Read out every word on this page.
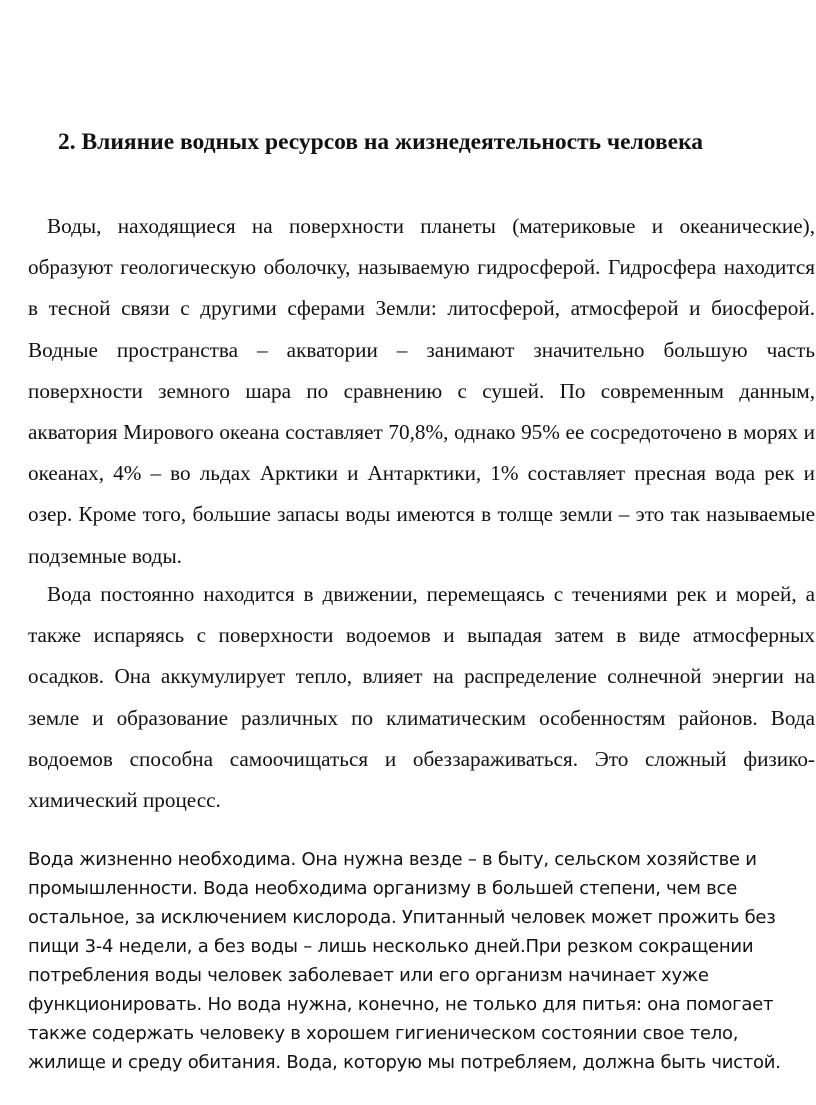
2. Влияние водных ресурсов на жизнедеятельность человека

Воды, находящиеся на поверхности планеты (материковые и океанические), образуют геологическую оболочку, называемую гидросферой. Гидросфера находится в тесной связи с другими сферами Земли: литосферой, атмосферой и биосферой. Водные пространства – акватории – занимают значительно большую часть поверхности земного шара по сравнению с сушей. По современным данным, акватория Мирового океана составляет 70,8%, однако 95% ее сосредоточено в морях и океанах, 4% – во льдах Арктики и Антарктики, 1% составляет пресная вода рек и озер. Кроме того, большие запасы воды имеются в толще земли – это так называемые подземные воды.

Вода постоянно находится в движении, перемещаясь с течениями рек и морей, а также испаряясь с поверхности водоемов и выпадая затем в виде атмосферных осадков. Она аккумулирует тепло, влияет на распределение солнечной энергии на земле и образование различных по климатическим особенностям районов. Вода водоемов способна самоочищаться и обеззараживаться. Это сложный физико-химический процесс.

Вода жизненно необходима. Она нужна везде – в быту, сельском хозяйстве и промышленности. Вода необходима организму в большей степени, чем все остальное, за исключением кислорода. Упитанный человек может прожить без пищи 3-4 недели, а без воды – лишь несколько дней.При резком сокращении потребления воды человек заболевает или его организм начинает хуже функционировать. Но вода нужна, конечно, не только для питья: она помогает также содержать человеку в хорошем гигиеническом состоянии свое тело, жилище и среду обитания. Вода, которую мы потребляем, должна быть чистой.
